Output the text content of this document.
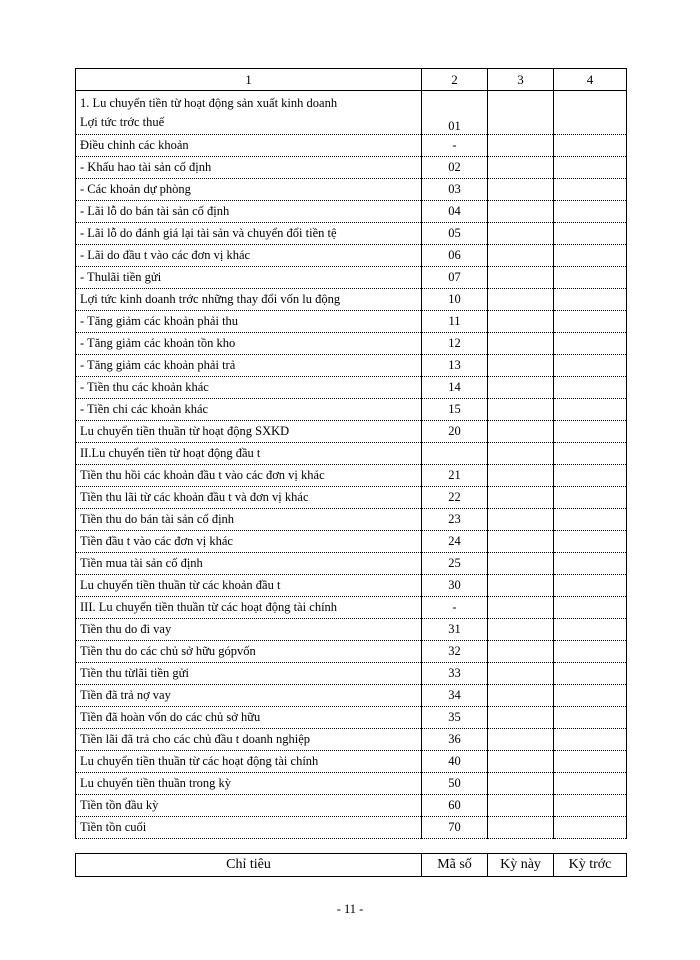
1	2	3	4

1. Lu chuyển tiền từ hoạt động sản xuất kinh doanh
Lợi tức trớc thuế	01		
Điều chỉnh các khoản	-		
- Khấu hao tài sản cố định	02		
- Các khoản dự phòng	03		
- Lãi lỗ do bán tài sản cố định	04		
- Lãi lỗ do đánh giá lại tài sản và chuyển đổi tiền tệ	05		
- Lãi do đầu t vào các đơn vị khác	06		
- Thulãi tiền gửi	07		
Lợi tức kinh doanh trớc những thay đổi vốn lu động	10		
- Tăng giảm các khoản phải thu	11		
- Tăng giảm các khoản tồn kho	12		
- Tăng giảm các khoản phải trả	13		
- Tiền thu các khoản khác	14		
- Tiền chi các khoản khác	15		
Lu chuyển tiền thuần từ hoạt động SXKD	20		
II.Lu chuyển tiền từ hoạt động đầu t			
Tiền thu hồi các khoản đầu t vào các đơn vị khác	21		
Tiền thu lãi từ các khoản đầu t và đơn vị khác	22		
Tiền thu do bán tài sản cố định	23		
Tiền đầu t vào các đơn vị khác	24		
Tiền mua tài sản cố định	25		
Lu chuyển tiền thuần từ các khoản đầu t	30		
III. Lu chuyển tiền thuần từ các hoạt động tài chính	-		
Tiền thu do đi vay	31		
Tiền thu do các chủ sở hữu gópvốn	32		
Tiền thu từlãi tiền gửi	33		
Tiền đã trả nợ vay	34		
Tiền đã hoàn vốn do các chủ sở hữu	35		
Tiền lãi đã trả cho các chủ đầu t doanh nghiệp	36		
Lu chuyển tiền thuần từ các hoạt động tài chính	40		
Lu chuyển tiền thuần trong kỳ	50		
Tiền tồn đầu kỳ	60		
Tiền tồn cuối	70		
Chỉ tiêu	Mã số	Kỳ này	Kỳ trớc
- 11 -
